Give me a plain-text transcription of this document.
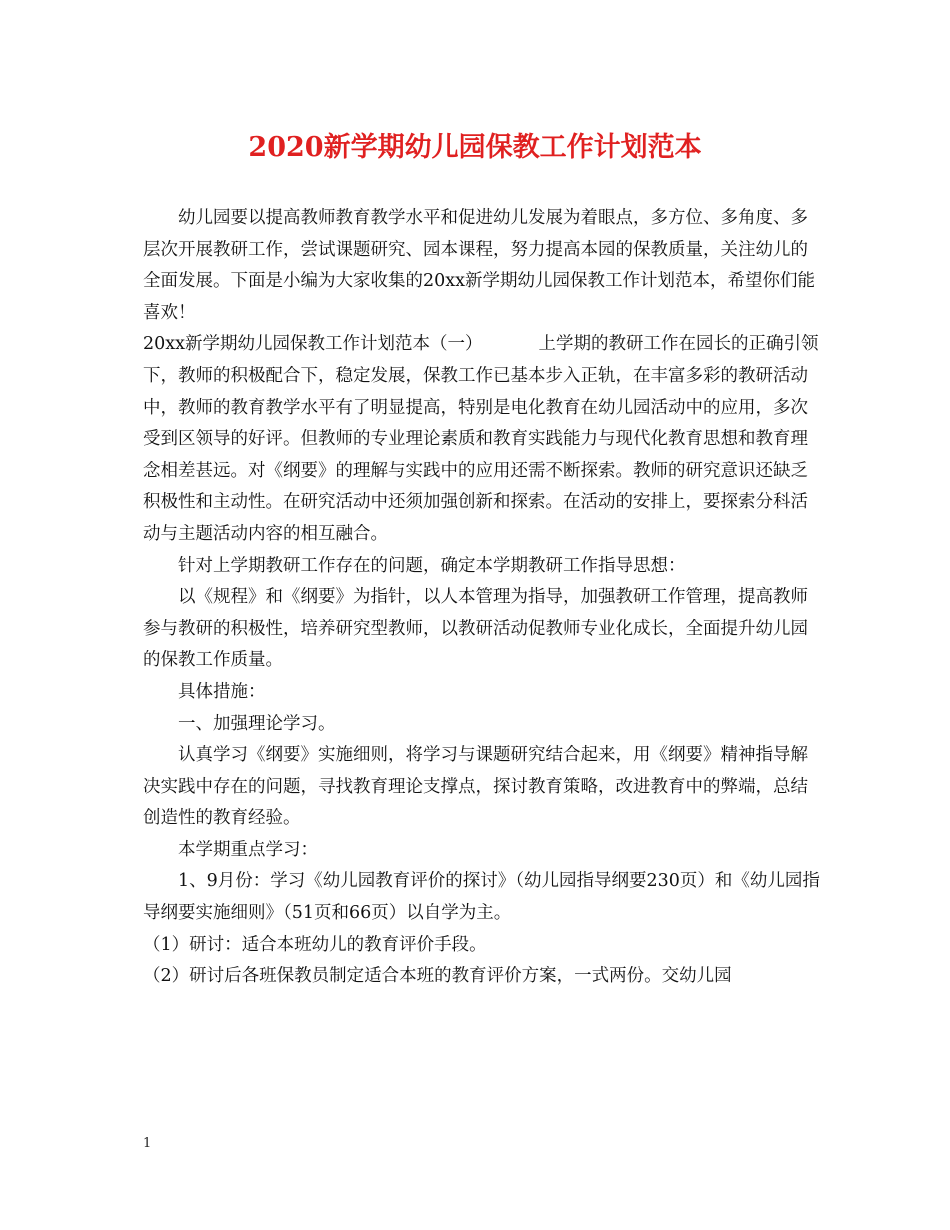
2020新学期幼儿园保教工作计划范本

幼儿园要以提高教师教育教学水平和促进幼儿发展为着眼点，多方位、多角度、多层次开展教研工作，尝试课题研究、园本课程，努力提高本园的保教质量，关注幼儿的全面发展。下面是小编为大家收集的20xx新学期幼儿园保教工作计划范本，希望你们能喜欢！

20xx新学期幼儿园保教工作计划范本（一）	上学期的教研工作在园长的正确引领下，教师的积极配合下，稳定发展，保教工作已基本步入正轨，在丰富多彩的教研活动中，教师的教育教学水平有了明显提高，特别是电化教育在幼儿园活动中的应用，多次受到区领导的好评。但教师的专业理论素质和教育实践能力与现代化教育思想和教育理念相差甚远。对《纲要》的理解与实践中的应用还需不断探索。教师的研究意识还缺乏积极性和主动性。在研究活动中还须加强创新和探索。在活动的安排上，要探索分科活动与主题活动内容的相互融合。

针对上学期教研工作存在的问题，确定本学期教研工作指导思想：

以《规程》和《纲要》为指针，以人本管理为指导，加强教研工作管理，提高教师参与教研的积极性，培养研究型教师，以教研活动促教师专业化成长，全面提升幼儿园的保教工作质量。

具体措施：

一、加强理论学习。

认真学习《纲要》实施细则，将学习与课题研究结合起来，用《纲要》精神指导解决实践中存在的问题，寻找教育理论支撑点，探讨教育策略，改进教育中的弊端，总结创造性的教育经验。

本学期重点学习：

1、9月份：学习《幼儿园教育评价的探讨》（幼儿园指导纲要230页）和《幼儿园指导纲要实施细则》（51页和66页）以自学为主。

（1）研讨：适合本班幼儿的教育评价手段。

（2）研讨后各班保教员制定适合本班的教育评价方案，一式两份。交幼儿园

1
